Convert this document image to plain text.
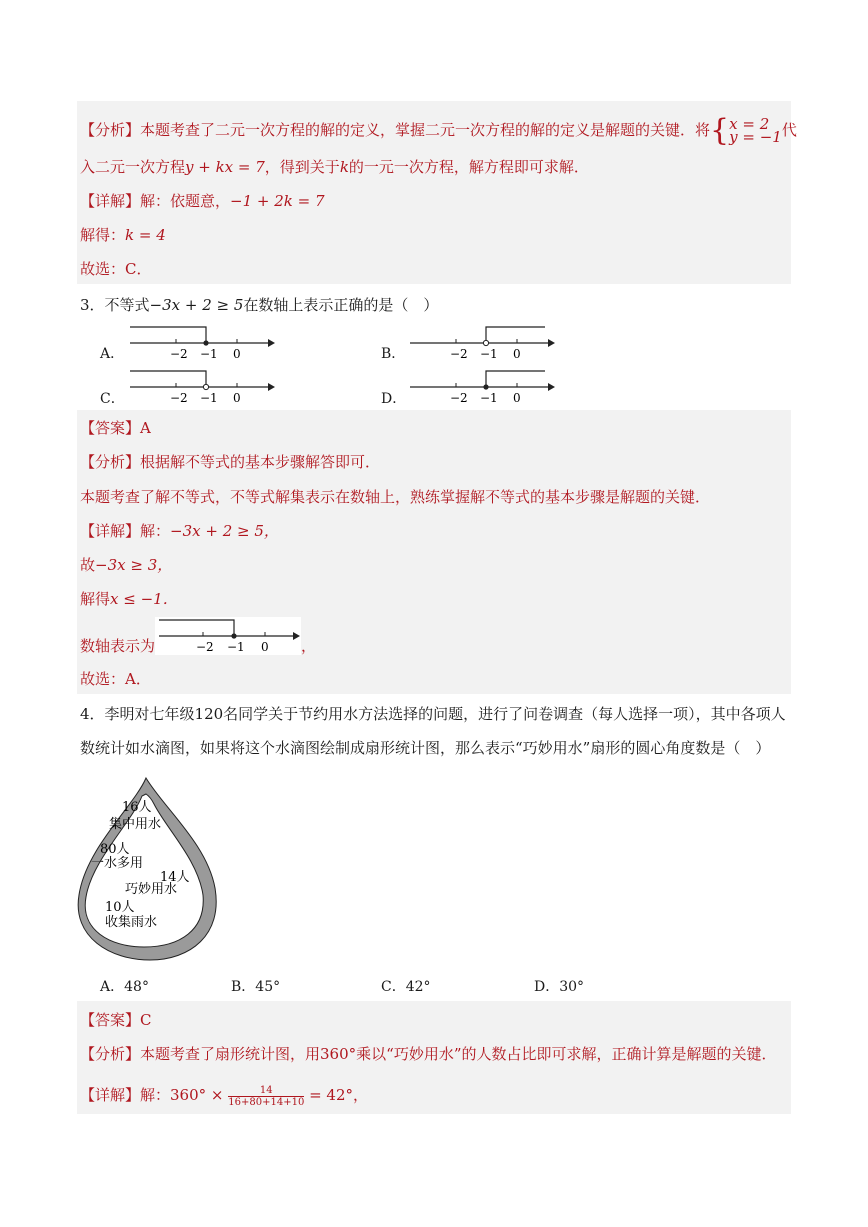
【分析】本题考查了二元一次方程的解的定义，掌握二元一次方程的解的定义是解题的关键．将{x = 2
y = −1代
入二元一次方程y + kx = 7，得到关于k的一元一次方程，解方程即可求解．
【详解】解：依题意，−1 + 2k = 7
解得：k = 4
故选：C．
3．不等式−3x + 2 ≥ 5在数轴上表示正确的是（　）
A．	−2 −1 0	B．	−2 −1 0
C．	−2 −1 0	D．	−2 −1 0
【答案】A
【分析】根据解不等式的基本步骤解答即可．
本题考查了解不等式，不等式解集表示在数轴上，熟练掌握解不等式的基本步骤是解题的关键．
【详解】解：−3x + 2 ≥ 5，
故−3x ≥ 3，
解得x ≤ −1．
数轴表示为	−2 −1 0 ，
故选：A．
4．李明对七年级120名同学关于节约用水方法选择的问题，进行了问卷调查（每人选择一项），其中各项人
数统计如水滴图，如果将这个水滴图绘制成扇形统计图，那么表示“巧妙用水”扇形的圆心角度数是（　）
16人
集中用水
80人
一水多用
14人
巧妙用水
10人
收集雨水
A．48°	B．45°	C．42°	D．30°
【答案】C
【分析】本题考查了扇形统计图，用360°乘以“巧妙用水”的人数占比即可求解，正确计算是解题的关键．
【详解】解：$360^\circ \times \frac{14}{16+80+14+10} = 42^\circ$，
